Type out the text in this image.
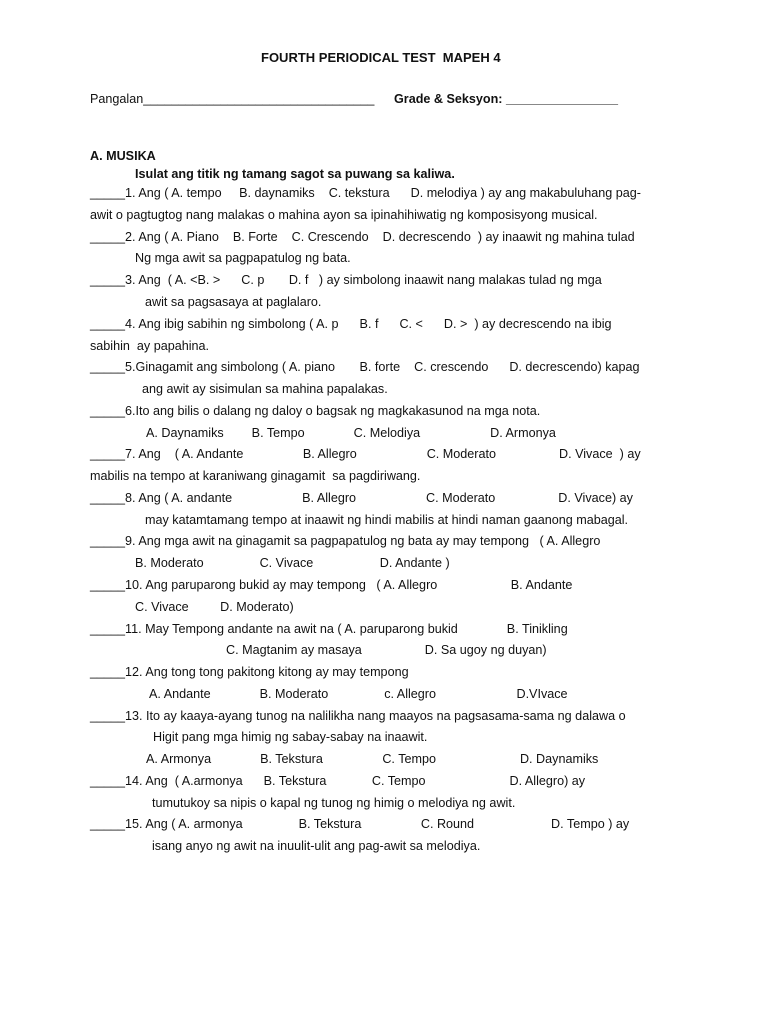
FOURTH PERIODICAL TEST  MAPEH 4
Pangalan_________________________________ Grade & Seksyon: ________________
A. MUSIKA
Isulat ang titik ng tamang sagot sa puwang sa kaliwa.
_____1. Ang ( A. tempo     B. daynamiks    C. tekstura      D. melodiya ) ay ang makabuluhang pag-
awit o pagtugtog nang malakas o mahina ayon sa ipinahihiwatig ng komposisyong musical.
_____2. Ang ( A. Piano    B. Forte    C. Crescendo    D. decrescendo  ) ay inaawit ng mahina tulad
Ng mga awit sa pagpapatulog ng bata.
_____3. Ang  ( A. <B. >      C. p       D. f   ) ay simbolong inaawit nang malakas tulad ng mga
awit sa pagsasaya at paglalaro.
_____4. Ang ibig sabihin ng simbolong ( A. p      B. f      C. <      D. >  ) ay decrescendo na ibig
sabihin  ay papahina.
_____5.Ginagamit ang simbolong ( A. piano       B. forte    C. crescendo      D. decrescendo) kapag
ang awit ay sisimulan sa mahina papalakas.
_____6.Ito ang bilis o dalang ng daloy o bagsak ng magkakasunod na mga nota.
A. Daynamiks        B. Tempo              C. Melodiya                    D. Armonya
_____7. Ang    ( A. Andante                 B. Allegro                    C. Moderato                  D. Vivace  ) ay
mabilis na tempo at karaniwang ginagamit  sa pagdiriwang.
_____8. Ang ( A. andante                    B. Allegro                    C. Moderato                  D. Vivace) ay
may katamtamang tempo at inaawit ng hindi mabilis at hindi naman gaanong mabagal.
_____9. Ang mga awit na ginagamit sa pagpapatulog ng bata ay may tempong   ( A. Allegro
B. Moderato                C. Vivace                   D. Andante )
_____10. Ang paruparong bukid ay may tempong   ( A. Allegro                     B. Andante
C. Vivace         D. Moderato)
_____11. May Tempong andante na awit na ( A. paruparong bukid              B. Tinikling
C. Magtanim ay masaya                  D. Sa ugoy ng duyan)
_____12. Ang tong tong pakitong kitong ay may tempong
A. Andante              B. Moderato                c. Allegro                       D.VIvace
_____13. Ito ay kaaya-ayang tunog na nalilikha nang maayos na pagsasama-sama ng dalawa o
Higit pang mga himig ng sabay-sabay na inaawit.
A. Armonya              B. Tekstura                 C. Tempo                        D. Daynamiks
_____14. Ang  ( A.armonya      B. Tekstura             C. Tempo                        D. Allegro) ay
tumutukoy sa nipis o kapal ng tunog ng himig o melodiya ng awit.
_____15. Ang ( A. armonya                B. Tekstura                 C. Round                      D. Tempo ) ay
isang anyo ng awit na inuulit-ulit ang pag-awit sa melodiya.
